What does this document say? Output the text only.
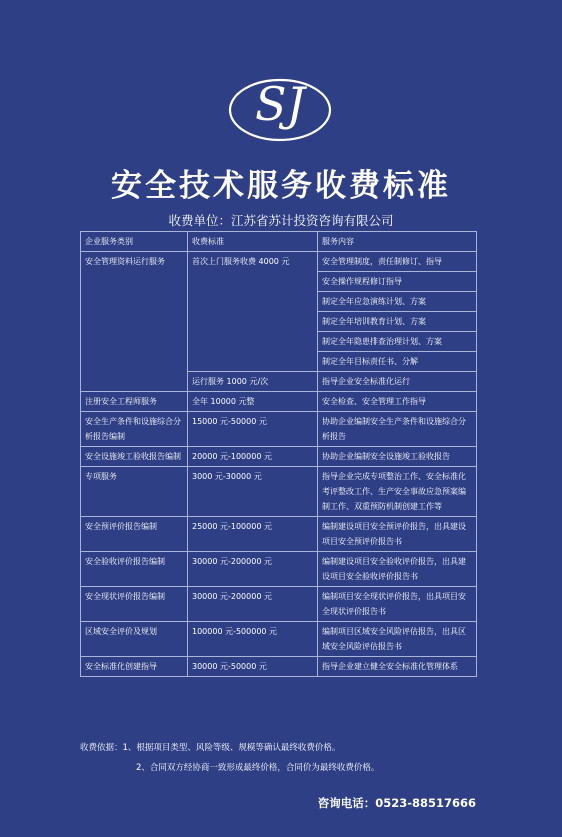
SJ
安全技术服务收费标准
收费单位：江苏省苏计投资咨询有限公司
企业服务类别	收费标准	服务内容
安全管理资料运行服务	首次上门服务收费 4000 元	安全管理制度，责任制修订、指导
		安全操作规程修订指导
		制定全年应急演练计划、方案
		制定全年培训教育计划、方案
		制定全年隐患排查治理计划、方案
		制定全年目标责任书、分解
	运行服务 1000 元/次	指导企业安全标准化运行
注册安全工程师服务	全年 10000 元整	安全检查、安全管理工作指导
安全生产条件和设施综合分析报告编制	15000 元-50000 元	协助企业编制安全生产条件和设施综合分析报告
安全设施竣工验收报告编制	20000 元-100000 元	协助企业编制安全设施竣工验收报告
专项服务	3000 元-30000 元	指导企业完成专项整治工作、安全标准化考评整改工作、生产安全事故应急预案编制工作、双重预防机制创建工作等
安全预评价报告编制	25000 元-100000 元	编制建设项目安全预评价报告，出具建设项目安全预评价报告书
安全验收评价报告编制	30000 元-200000 元	编制建设项目安全验收评价报告，出具建设项目安全验收评价报告书
安全现状评价报告编制	30000 元-200000 元	编制项目安全现状评价报告，出具项目安全现状评价报告书
区域安全评价及规划	100000 元-500000 元	编制项目区域安全风险评估报告，出具区域安全风险评估报告书
安全标准化创建指导	30000 元-50000 元	指导企业建立健全安全标准化管理体系
收费依据：1、根据项目类型、风险等级、规模等确认最终收费价格。
2、合同双方经协商一致形成最终价格，合同价为最终收费价格。
咨询电话：0523-88517666
